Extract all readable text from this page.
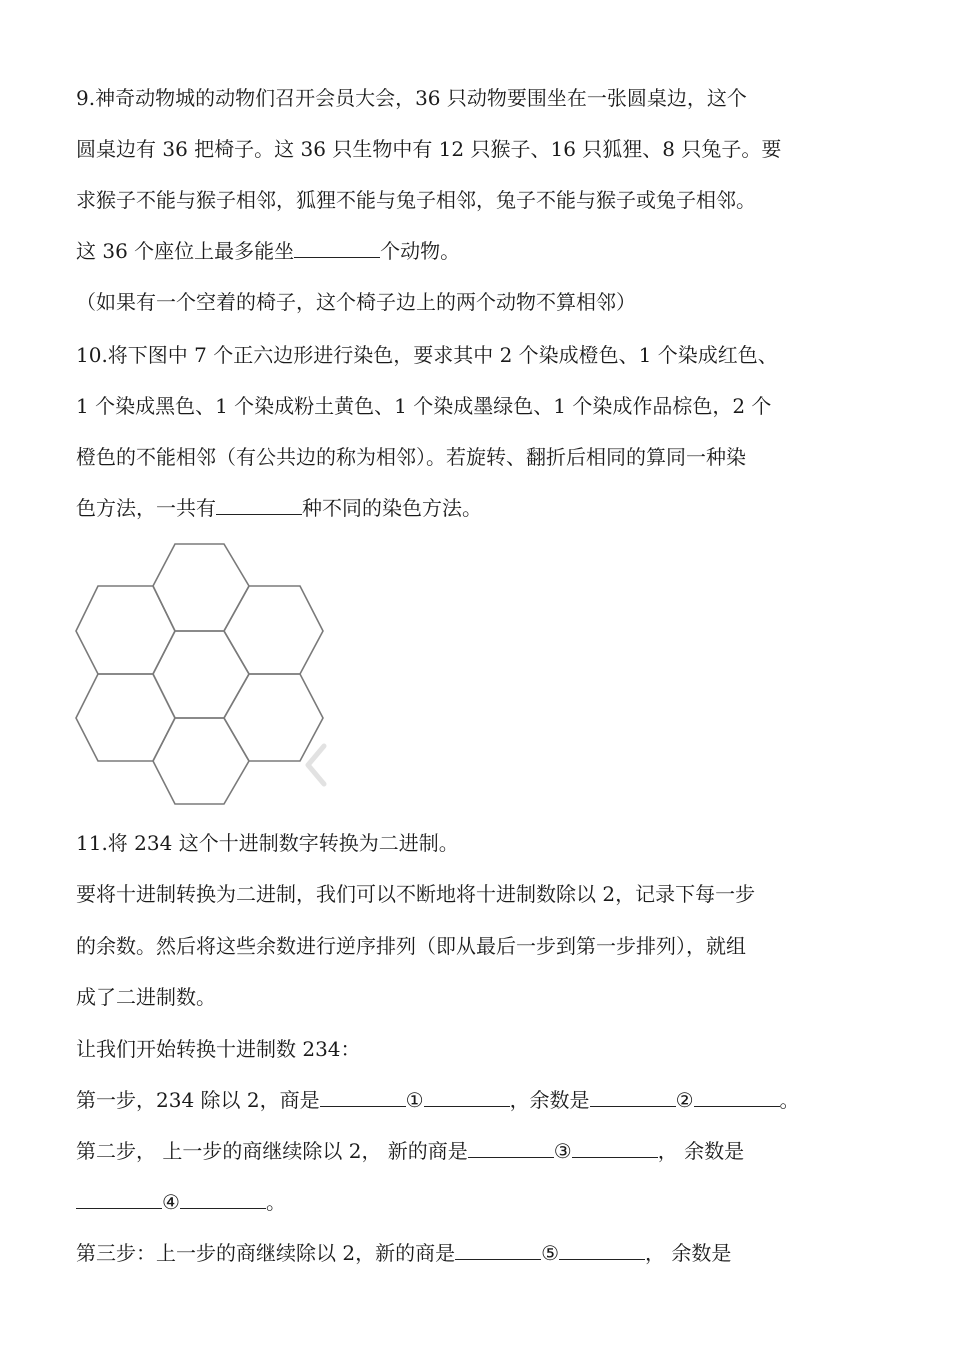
9.神奇动物城的动物们召开会员大会，36 只动物要围坐在一张圆桌边，这个
圆桌边有 36 把椅子。这 36 只生物中有 12 只猴子、16 只狐狸、8 只兔子。要
求猴子不能与猴子相邻，狐狸不能与兔子相邻，兔子不能与猴子或兔子相邻。
这 36 个座位上最多能坐	个动物。
（如果有一个空着的椅子，这个椅子边上的两个动物不算相邻）
10.将下图中 7 个正六边形进行染色，要求其中 2 个染成橙色、1 个染成红色、
1 个染成黑色、1 个染成粉土黄色、1 个染成墨绿色、1 个染成作品棕色，2 个
橙色的不能相邻（有公共边的称为相邻）。若旋转、翻折后相同的算同一种染
色方法，一共有	种不同的染色方法。
11.将 234 这个十进制数字转换为二进制。
要将十进制转换为二进制，我们可以不断地将十进制数除以 2，记录下每一步
的余数。然后将这些余数进行逆序排列（即从最后一步到第一步排列），就组
成了二进制数。
让我们开始转换十进制数 234：
第一步，234 除以 2，商是	①	，余数是	②	。
第二步， 上一步的商继续除以 2， 新的商是	③	， 余数是
④	。
第三步：上一步的商继续除以 2，新的商是	⑤	， 余数是
